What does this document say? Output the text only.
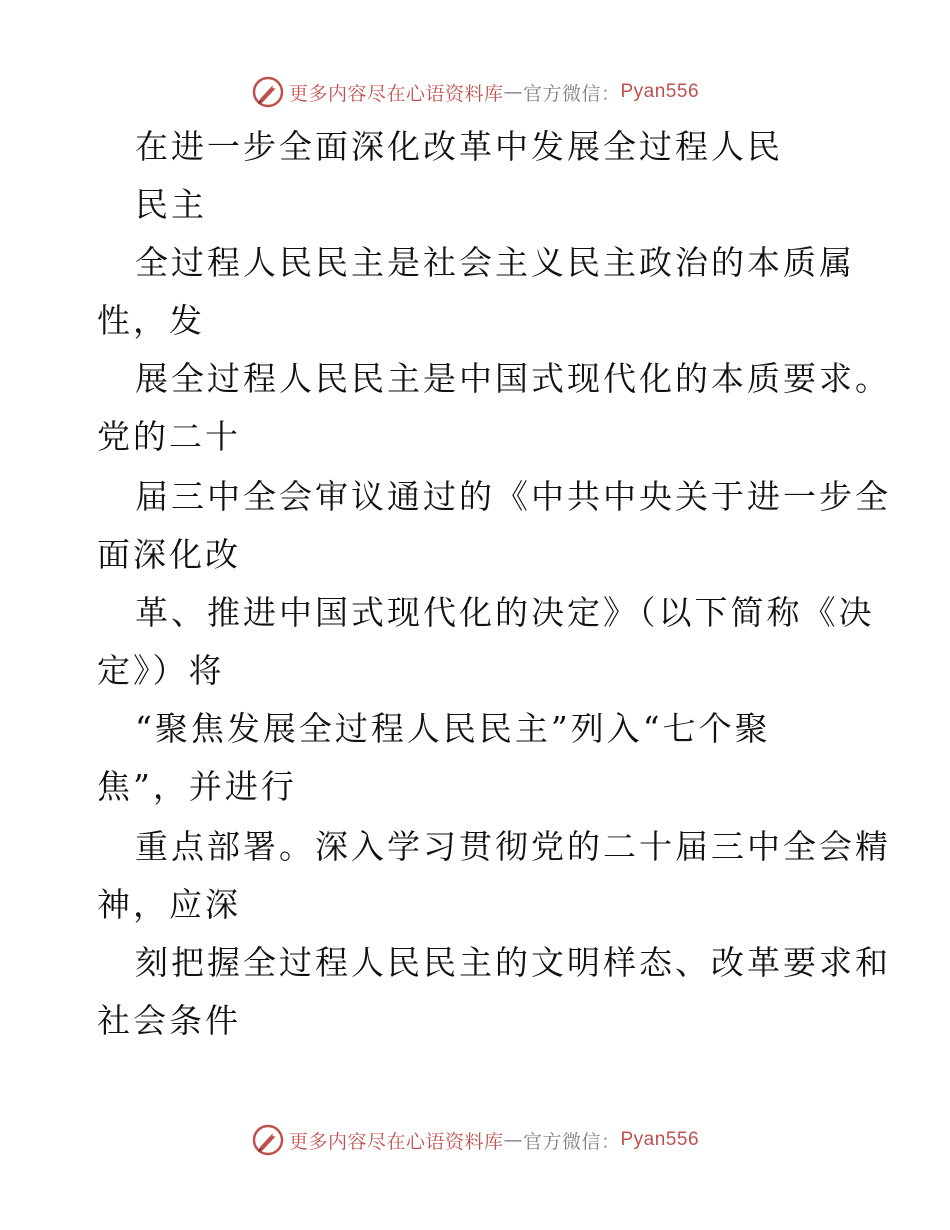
更多内容尽在心语资料库 — 官方微信： Pyan556
在进一步全面深化改革中发展全过程人民
民主
全过程人民民主是社会主义民主政治的本质属
性，发
展全过程人民民主是中国式现代化的本质要求。
党的二十
届三中全会审议通过的《中共中央关于进一步全
面深化改
革、推进中国式现代化的决定》（以下简称《决
定》）将
“聚焦发展全过程人民民主”列入“七个聚
焦”，并进行
重点部署。深入学习贯彻党的二十届三中全会精
神，应深
刻把握全过程人民民主的文明样态、改革要求和
社会条件
更多内容尽在心语资料库 — 官方微信： Pyan556
